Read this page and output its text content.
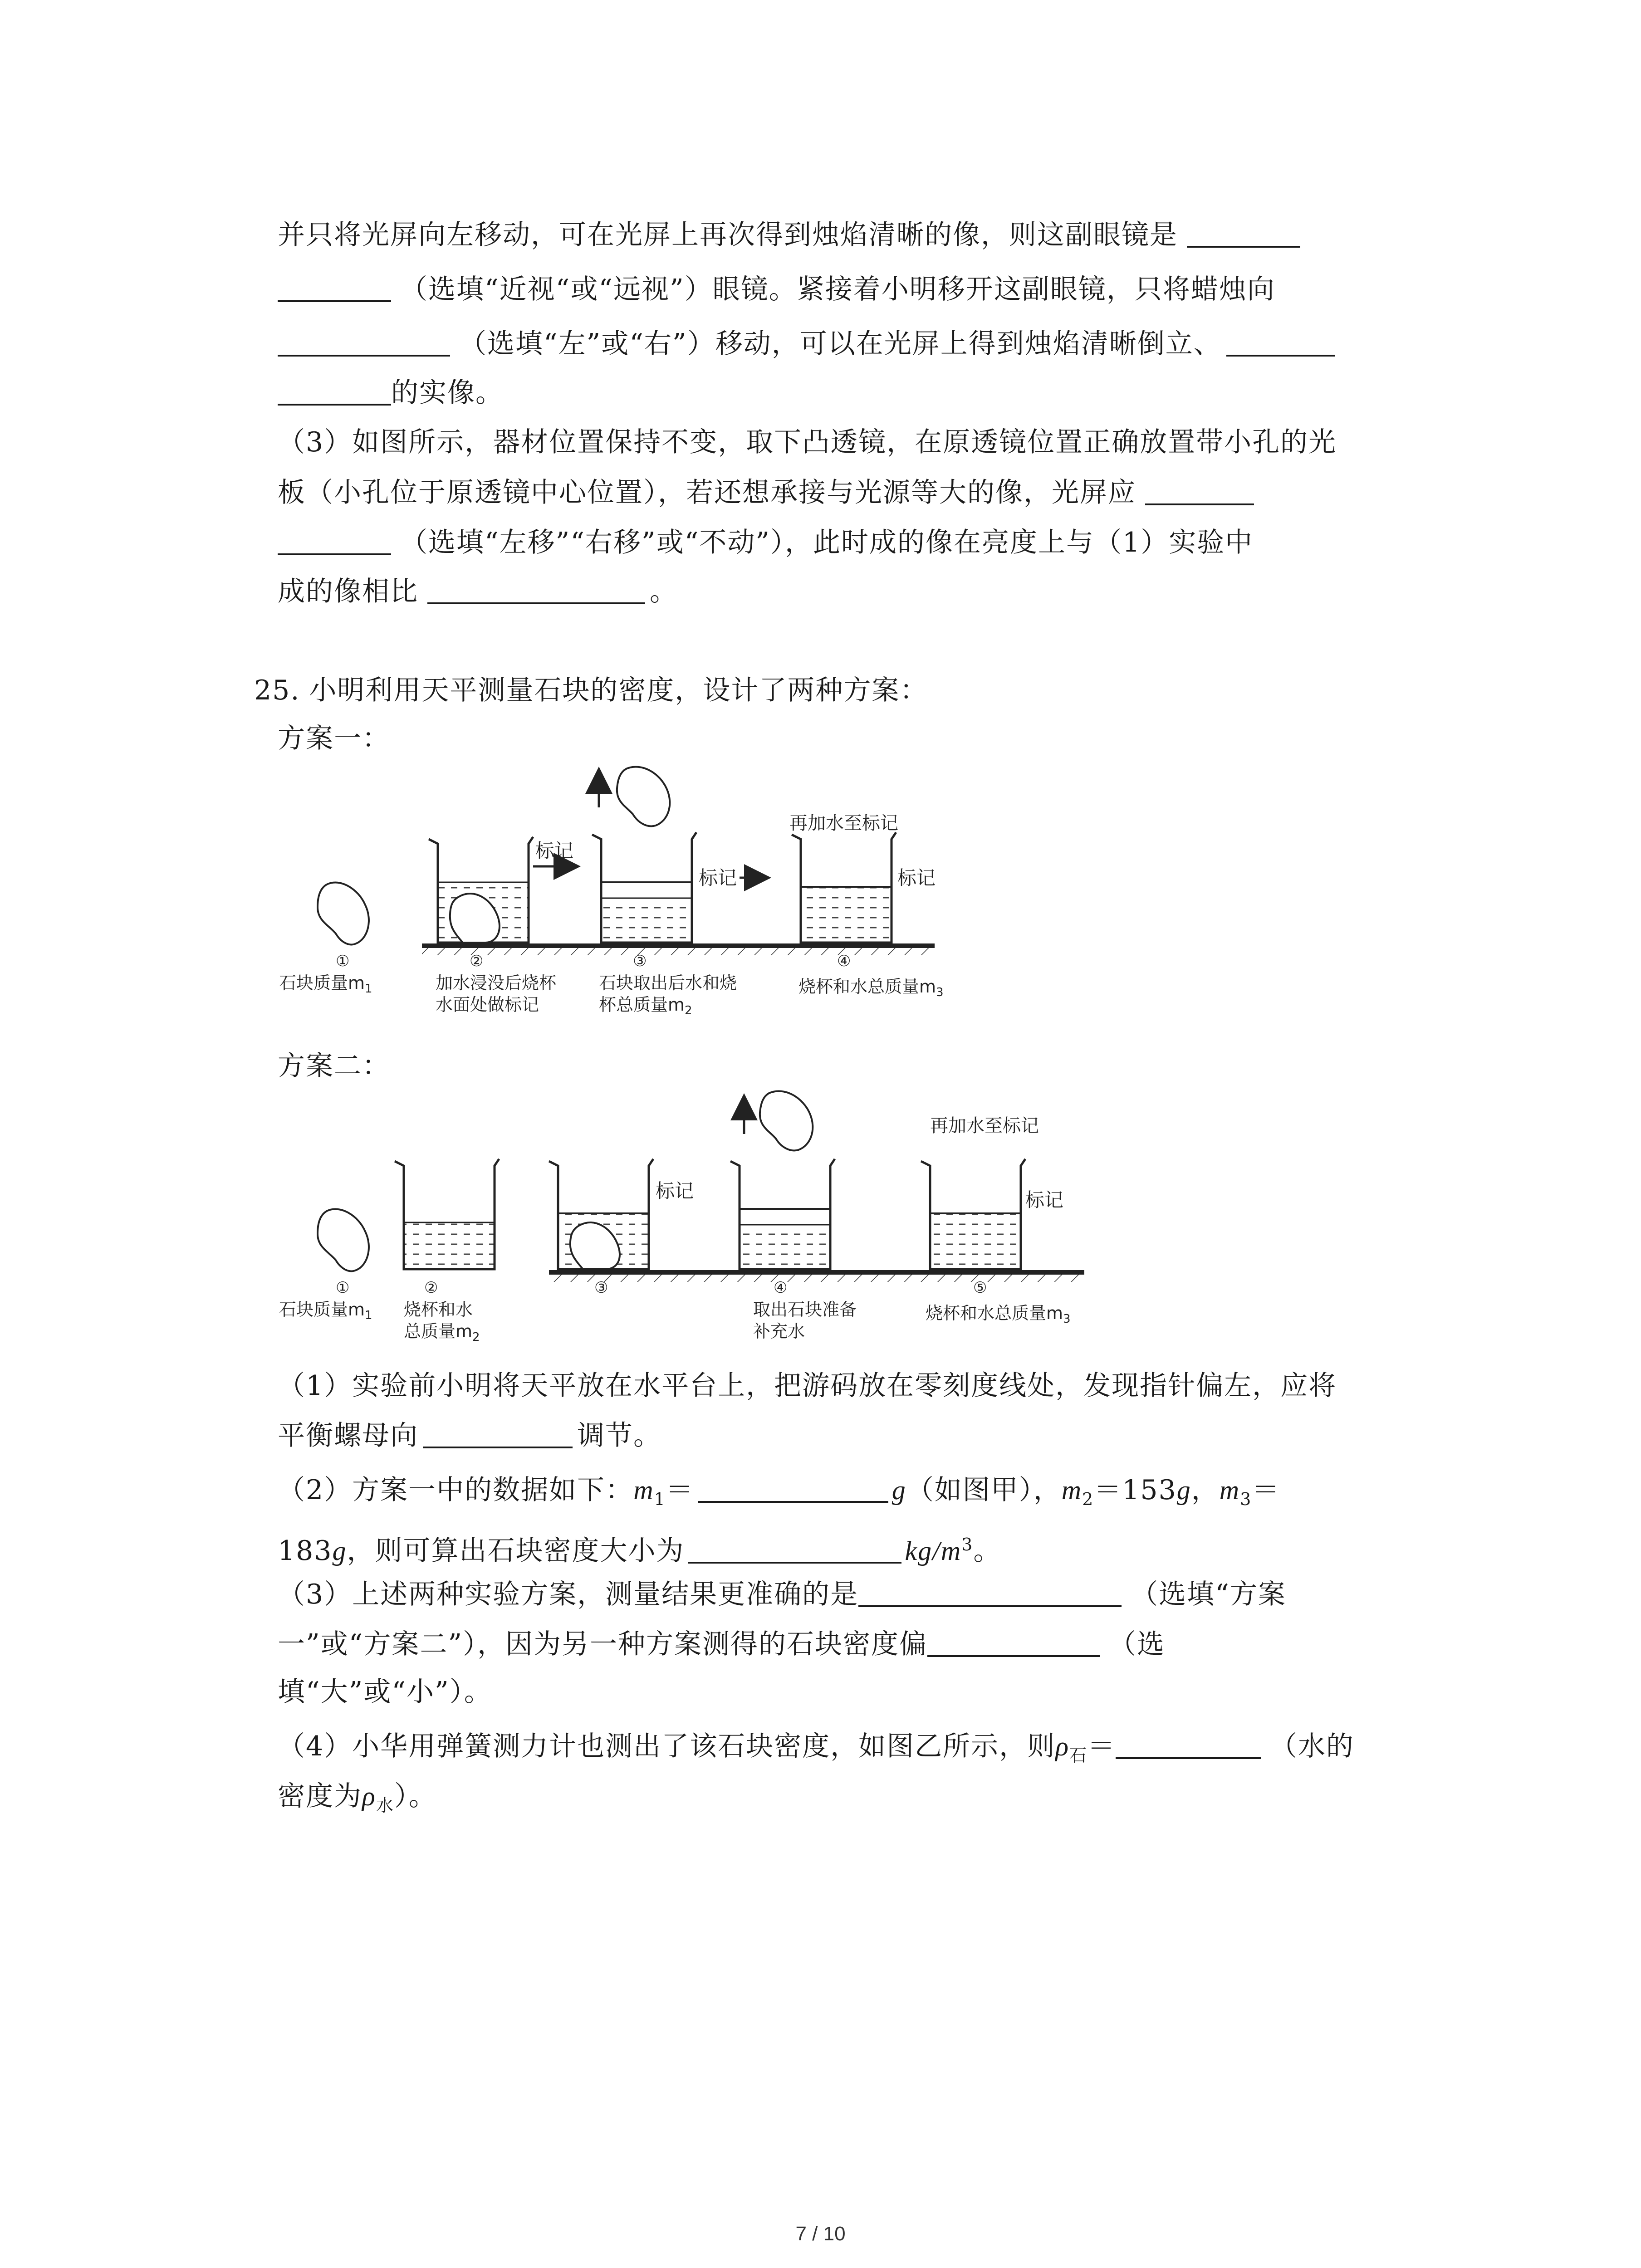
并只将光屏向左移动，可在光屏上再次得到烛焰清晰的像，则这副眼镜是
（选填“近视“或“远视”）眼镜。紧接着小明移开这副眼镜，只将蜡烛向
（选填“左”或“右”）移动，可以在光屏上得到烛焰清晰倒立、
的实像。
（3）如图所示，器材位置保持不变，取下凸透镜，在原透镜位置正确放置带小孔的光
板（小孔位于原透镜中心位置），若还想承接与光源等大的像，光屏应
（选填“左移”“右移”或“不动”），此时成的像在亮度上与（1）实验中
成的像相比	。
25. 小明利用天平测量石块的密度，设计了两种方案：
方案一：
标记
标记
再加水至标记
标记
①
石块质量$m_1$
②
加水浸没后烧杯
水面处做标记
③
石块取出后水和烧
杯总质量$m_2$
④
烧杯和水总质量$m_3$
方案二：
标记
再加水至标记
标记
①
石块质量$m_1$
②
烧杯和水
总质量$m_2$
③	④
取出石块准备
补充水
⑤
烧杯和水总质量$m_3$
（1）实验前小明将天平放在水平台上，把游码放在零刻度线处，发现指针偏左，应将
平衡螺母向	调节。
（2）方案一中的数据如下：$m_1=$	g（如图甲），$m_2=153g$，$m_3=$
183g，则可算出石块密度大小为	$kg/m^3$。
（3）上述两种实验方案，测量结果更准确的是	（选填“方案
一”或“方案二”），因为另一种方案测得的石块密度偏	（选
填“大”或“小”）。
（4）小华用弹簧测力计也测出了该石块密度，如图乙所示，则$\rho_石=$	（水的
密度为$\rho_水$）。
7 / 10
